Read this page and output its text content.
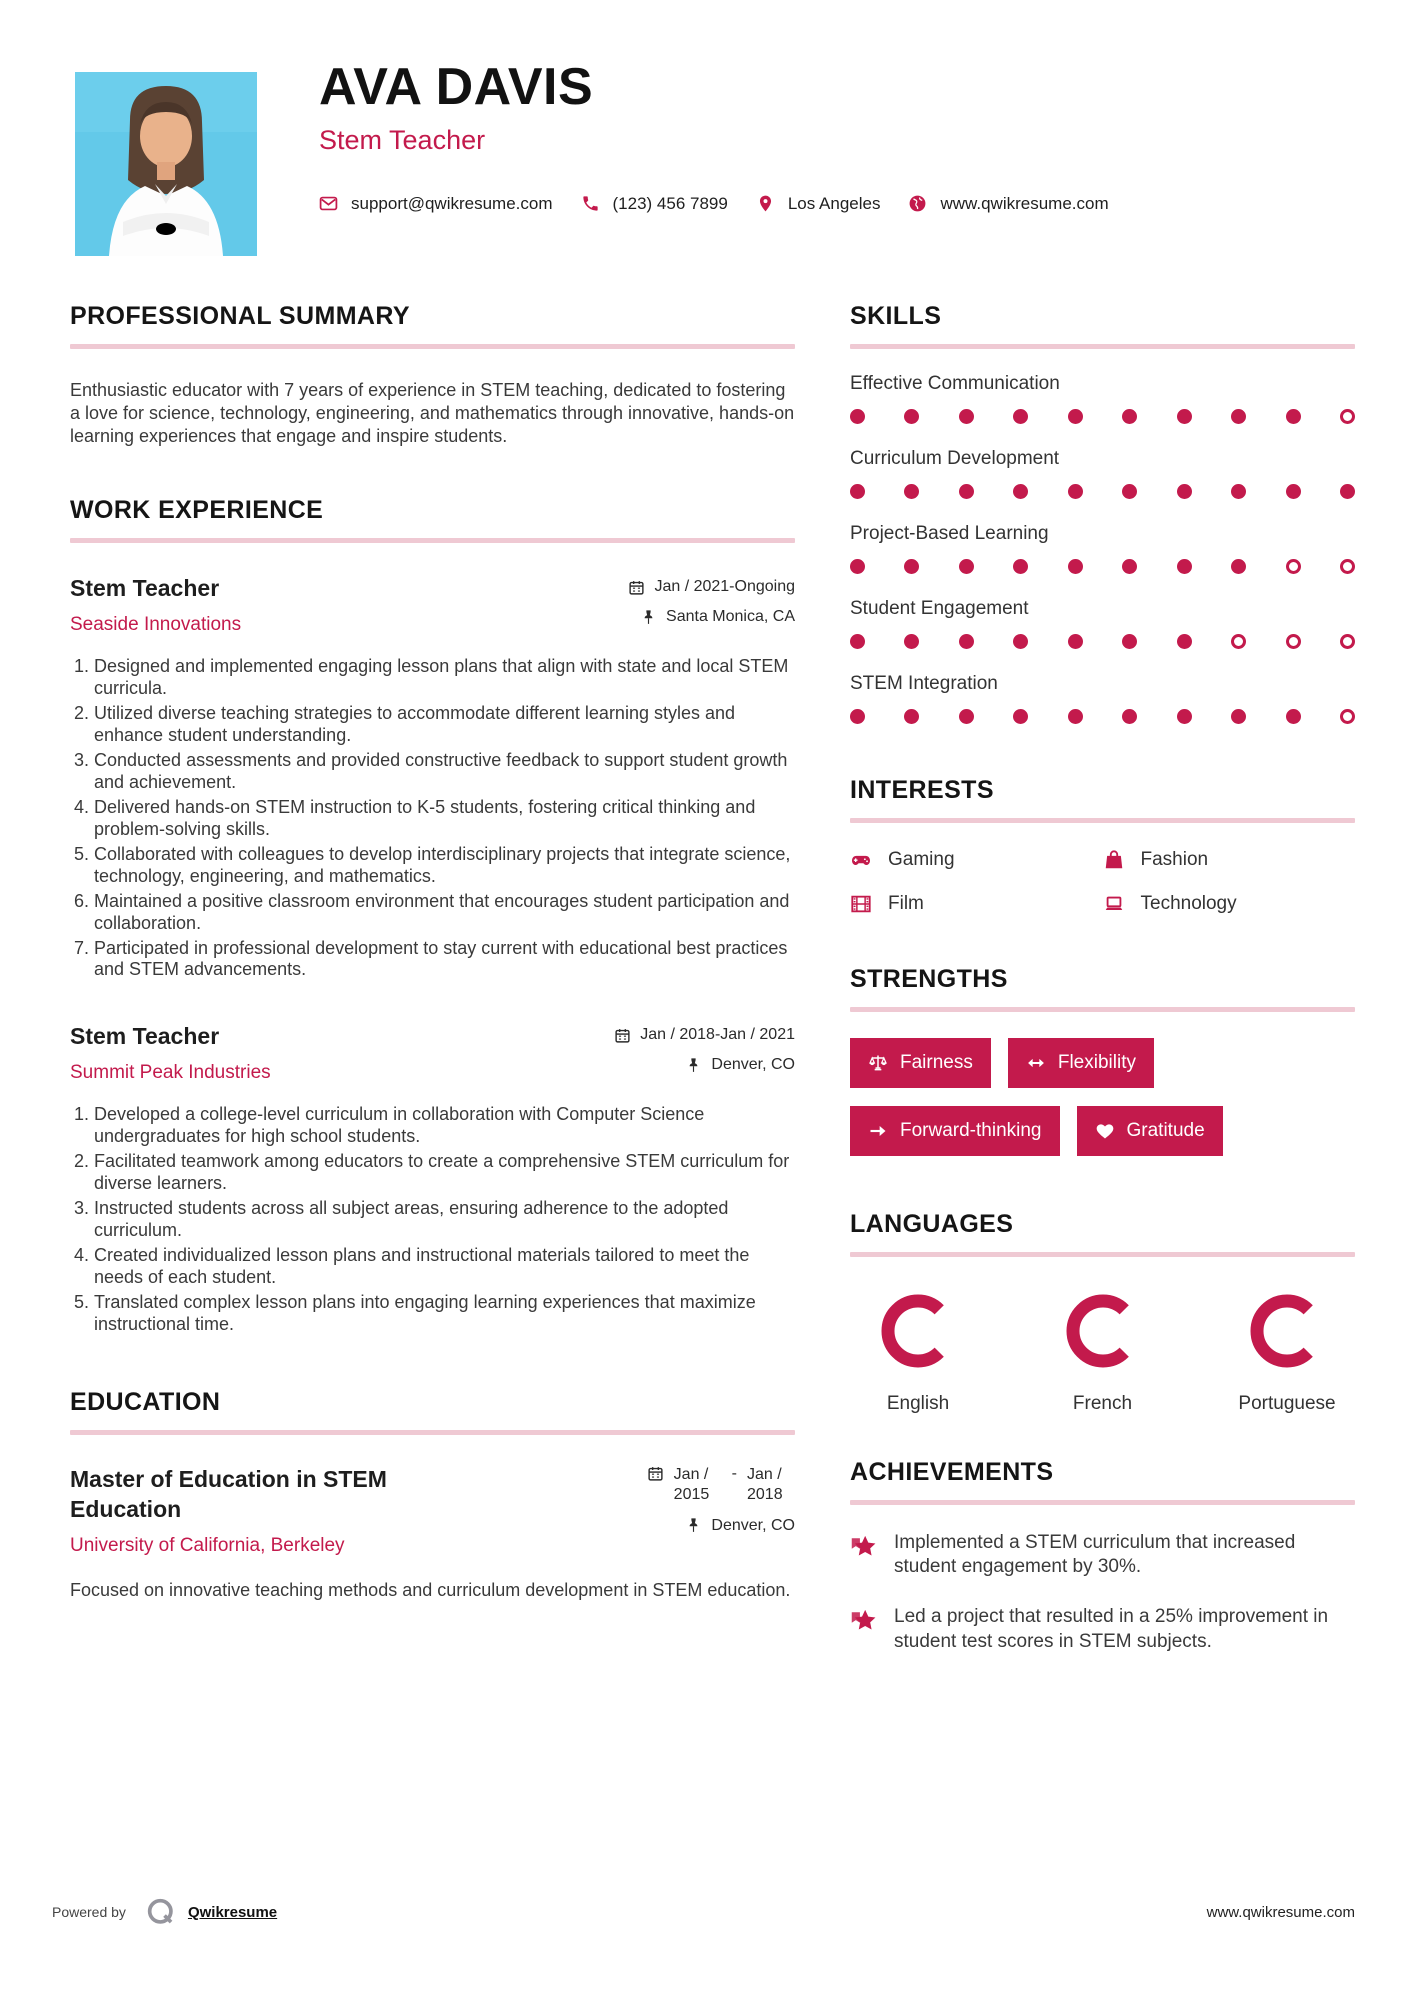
AVA DAVIS
Stem Teacher
support@qwikresume.com	(123) 456 7899	Los Angeles	www.qwikresume.com
PROFESSIONAL SUMMARY

Enthusiastic educator with 7 years of experience in STEM teaching, dedicated to fostering a love for science, technology, engineering, and mathematics through innovative, hands-on learning experiences that engage and inspire students.

WORK EXPERIENCE
Stem Teacher
Seaside Innovations
Jan / 2021-Ongoing
Santa Monica, CA
1. Designed and implemented engaging lesson plans that align with state and local STEM curricula.
2. Utilized diverse teaching strategies to accommodate different learning styles and enhance student understanding.
3. Conducted assessments and provided constructive feedback to support student growth and achievement.
4. Delivered hands-on STEM instruction to K-5 students, fostering critical thinking and problem-solving skills.
5. Collaborated with colleagues to develop interdisciplinary projects that integrate science, technology, engineering, and mathematics.
6. Maintained a positive classroom environment that encourages student participation and collaboration.
7. Participated in professional development to stay current with educational best practices and STEM advancements.
Stem Teacher
Summit Peak Industries
Jan / 2018-Jan / 2021
Denver, CO
1. Developed a college-level curriculum in collaboration with Computer Science undergraduates for high school students.
2. Facilitated teamwork among educators to create a comprehensive STEM curriculum for diverse learners.
3. Instructed students across all subject areas, ensuring adherence to the adopted curriculum.
4. Created individualized lesson plans and instructional materials tailored to meet the needs of each student.
5. Translated complex lesson plans into engaging learning experiences that maximize instructional time.
EDUCATION
Master of Education in STEM Education
University of California, Berkeley
Jan / 2015
- Jan / 2018
Denver, CO

Focused on innovative teaching methods and curriculum development in STEM education.

SKILLS
Effective Communication
Curriculum Development
Project-Based Learning
Student Engagement
STEM Integration
INTERESTS
Gaming	Fashion
Film	Technology
STRENGTHS
Fairness	Flexibility

Forward-thinking	Gratitude
LANGUAGES
English	French	Portuguese
ACHIEVEMENTS
Implemented a STEM curriculum that increased student engagement by 30%.
Led a project that resulted in a 25% improvement in student test scores in STEM subjects.
Powered by	Qwikresume	www.qwikresume.com
